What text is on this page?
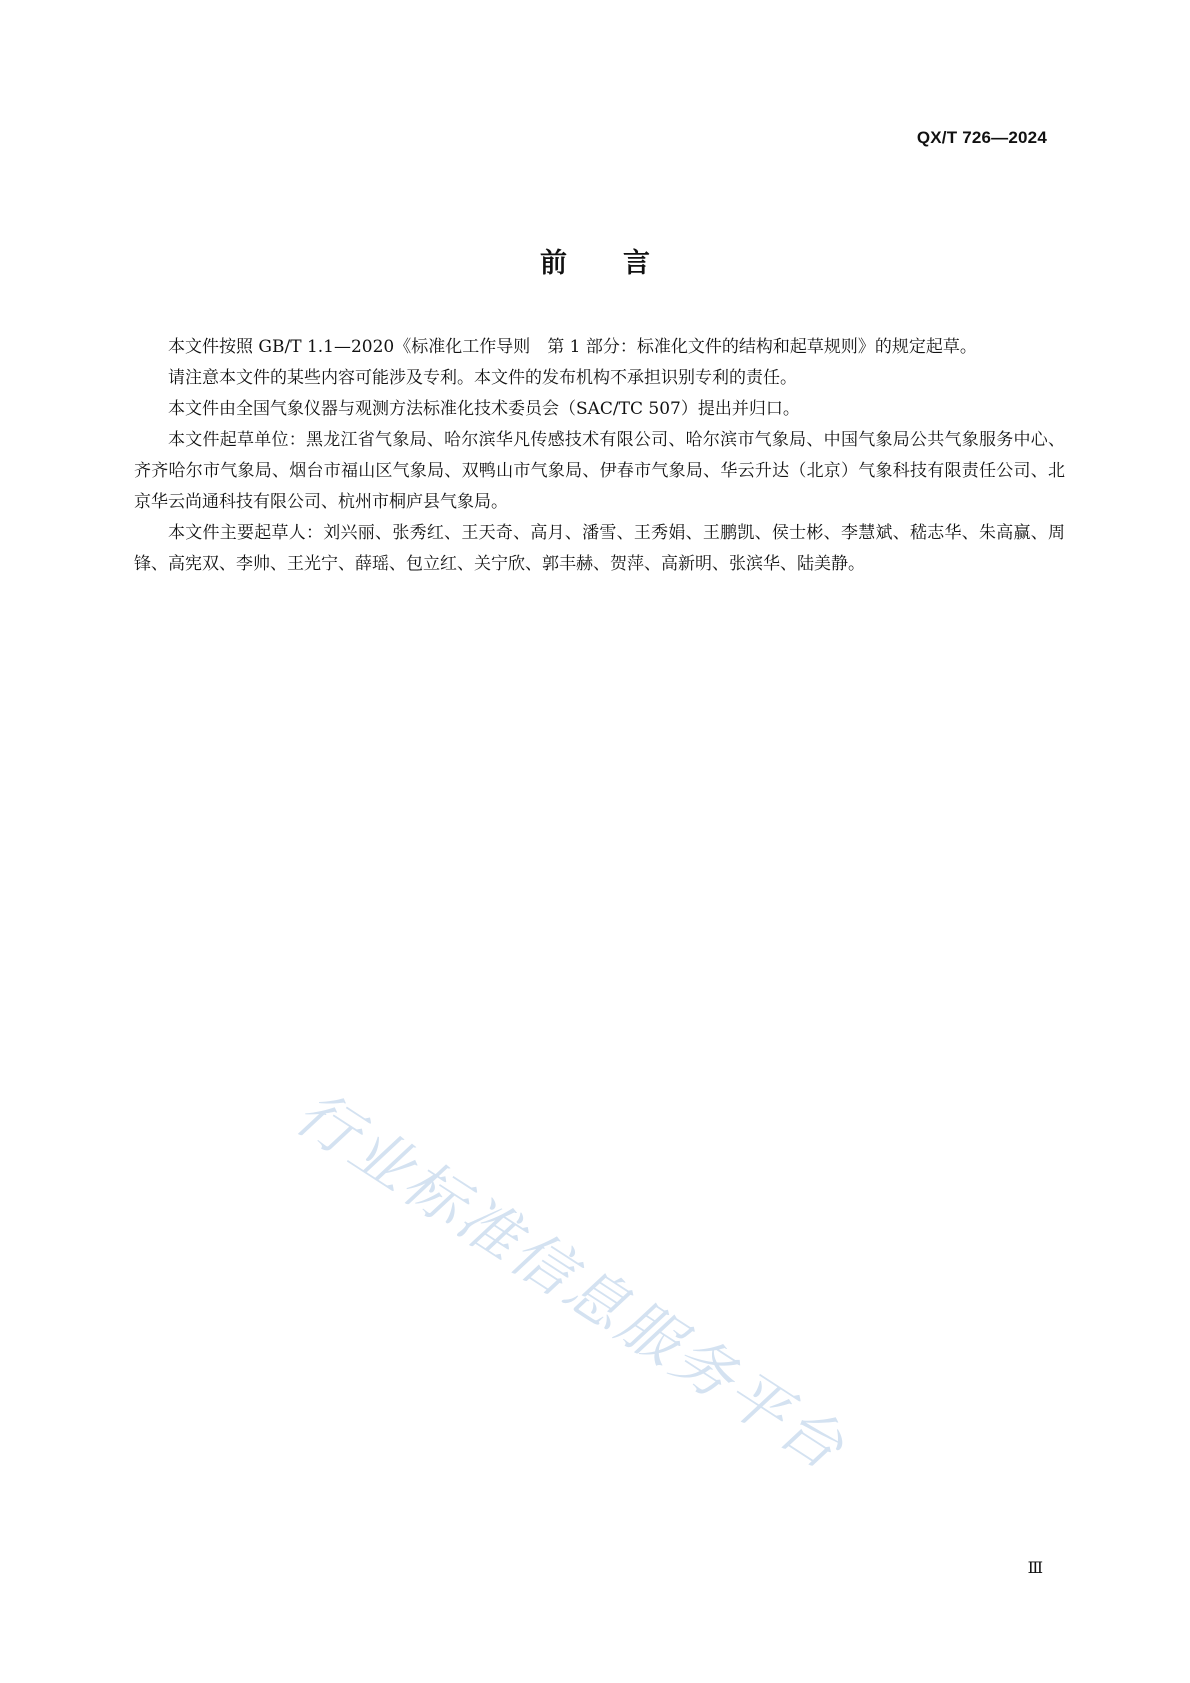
行业标准信息服务平台
QX/T 726—2024
前言

本文件按照 GB/T 1.1—2020《标准化工作导则　第 1 部分：标准化文件的结构和起草规则》的规定起草。

请注意本文件的某些内容可能涉及专利。本文件的发布机构不承担识别专利的责任。

本文件由全国气象仪器与观测方法标准化技术委员会（SAC/TC 507）提出并归口。

本文件起草单位：黑龙江省气象局、哈尔滨华凡传感技术有限公司、哈尔滨市气象局、中国气象局公共气象服务中心、齐齐哈尔市气象局、烟台市福山区气象局、双鸭山市气象局、伊春市气象局、华云升达（北京）气象科技有限责任公司、北京华云尚通科技有限公司、杭州市桐庐县气象局。

本文件主要起草人：刘兴丽、张秀红、王天奇、高月、潘雪、王秀娟、王鹏凯、侯士彬、李慧斌、嵇志华、朱高赢、周锋、高宪双、李帅、王光宁、薛瑶、包立红、关宁欣、郭丰赫、贺萍、高新明、张滨华、陆美静。

Ⅲ
